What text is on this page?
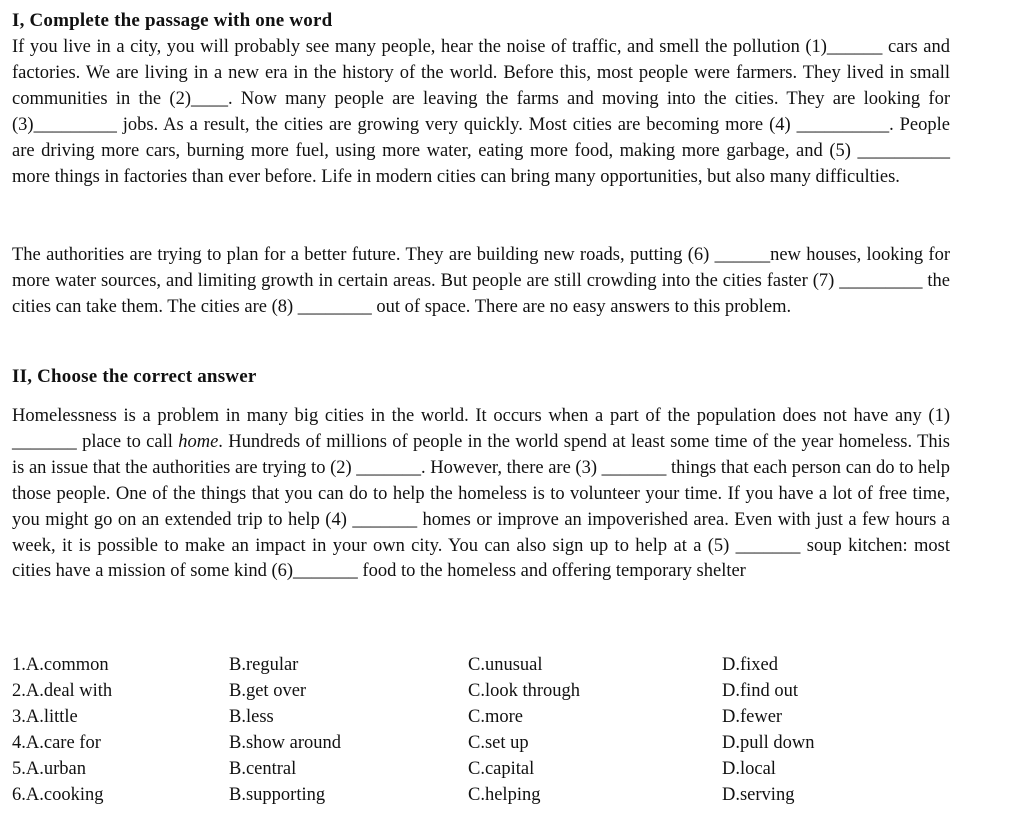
I, Complete the passage with one word
If you live in a city, you will probably see many people, hear the noise of traffic, and smell the pollution (1)______ cars and factories. We are living in a new era in the history of the world. Before this, most people were farmers. They lived in small communities in the (2)____. Now many people are leaving the farms and moving into the cities. They are looking for (3)_________ jobs. As a result, the cities are growing very quickly. Most cities are becoming more (4) __________. People are driving more cars, burning more fuel, using more water, eating more food, making more garbage, and (5) __________ more things in factories than ever before. Life in modern cities can bring many opportunities, but also many difficulties.
The authorities are trying to plan for a better future. They are building new roads, putting (6) ______new houses, looking for more water sources, and limiting growth in certain areas. But people are still crowding into the cities faster (7) _________ the cities can take them. The cities are (8) ________ out of space. There are no easy answers to this problem.
II, Choose the correct answer
Homelessness is a problem in many big cities in the world. It occurs when a part of the population does not have any (1) _______ place to call home. Hundreds of millions of people in the world spend at least some time of the year homeless. This is an issue that the authorities are trying to (2) _______. However, there are (3) _______ things that each person can do to help those people. One of the things that you can do to help the homeless is to volunteer your time. If you have a lot of free time, you might go on an extended trip to help (4) _______ homes or improve an impoverished area. Even with just a few hours a week, it is possible to make an impact in your own city. You can also sign up to help at a (5) _______ soup kitchen: most cities have a mission of some kind (6)_______ food to the homeless and offering temporary shelter
1.A.common	B.regular	C.unusual	D.fixed
2.A.deal with	B.get over	C.look through	D.find out
3.A.little	B.less	C.more	D.fewer
4.A.care for	B.show around	C.set up	D.pull down
5.A.urban	B.central	C.capital	D.local
6.A.cooking	B.supporting	C.helping	D.serving
